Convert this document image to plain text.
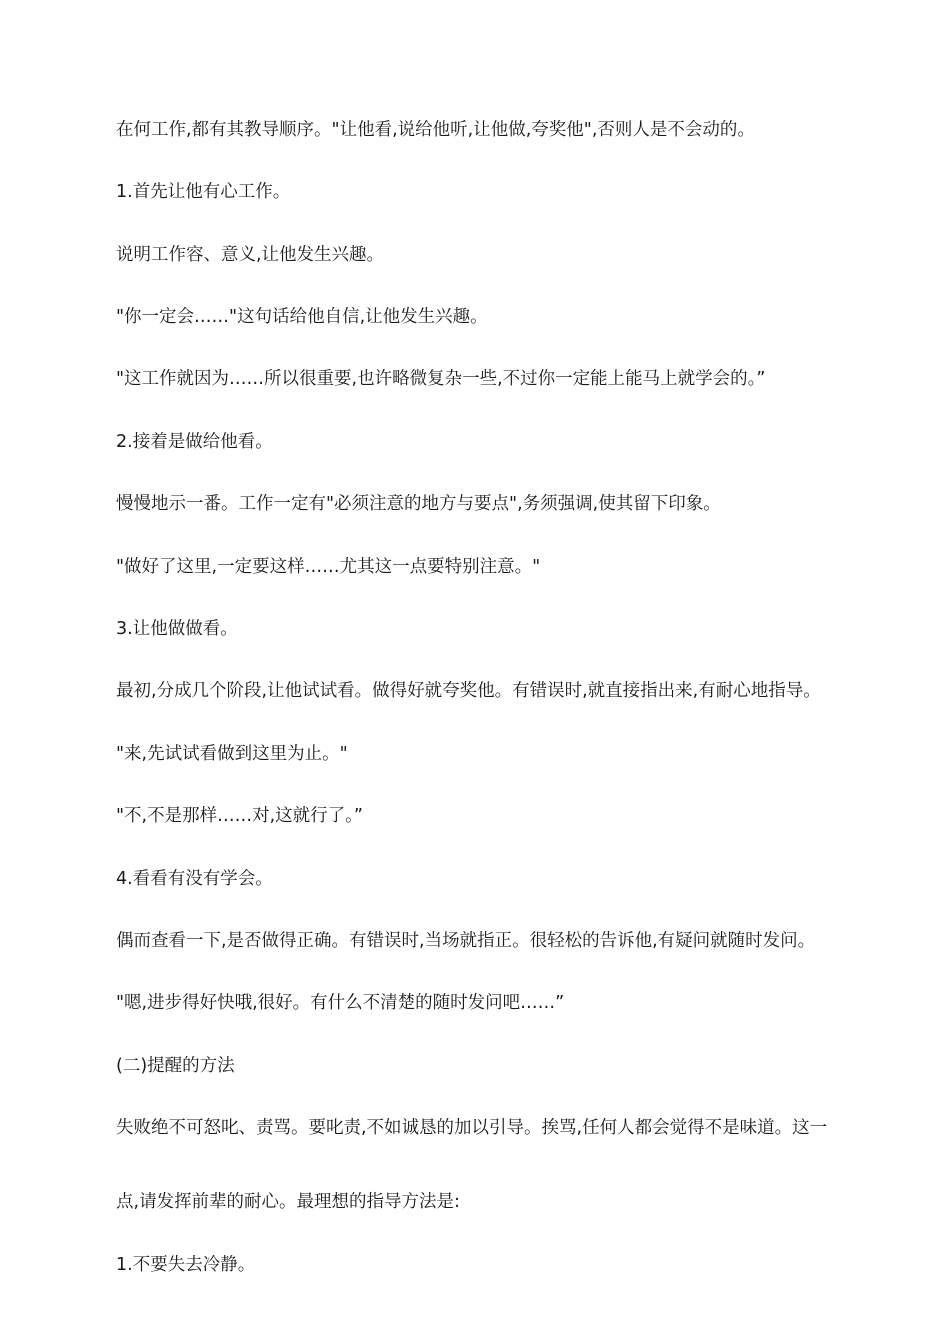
在何工作,都有其教导顺序。"让他看,说给他听,让他做,夸奖他",否则人是不会动的。

1.首先让他有心工作。

说明工作容、意义,让他发生兴趣。

"你一定会……"这句话给他自信,让他发生兴趣。

"这工作就因为……所以很重要,也许略微复杂一些,不过你一定能上能马上就学会的。”

2.接着是做给他看。

慢慢地示一番。工作一定有"必须注意的地方与要点",务须强调,使其留下印象。

"做好了这里,一定要这样……尤其这一点要特别注意。"

3.让他做做看。

最初,分成几个阶段,让他试试看。做得好就夸奖他。有错误时,就直接指出来,有耐心地指导。

"来,先试试看做到这里为止。"

"不,不是那样……对,这就行了。”

4.看看有没有学会。

偶而查看一下,是否做得正确。有错误时,当场就指正。很轻松的告诉他,有疑问就随时发问。

"嗯,进步得好快哦,很好。有什么不清楚的随时发问吧……”

(二)提醒的方法

失败绝不可怒叱、责骂。要叱责,不如诚恳的加以引导。挨骂,任何人都会觉得不是味道。这一

点,请发挥前辈的耐心。最理想的指导方法是:

1.不要失去冷静。
